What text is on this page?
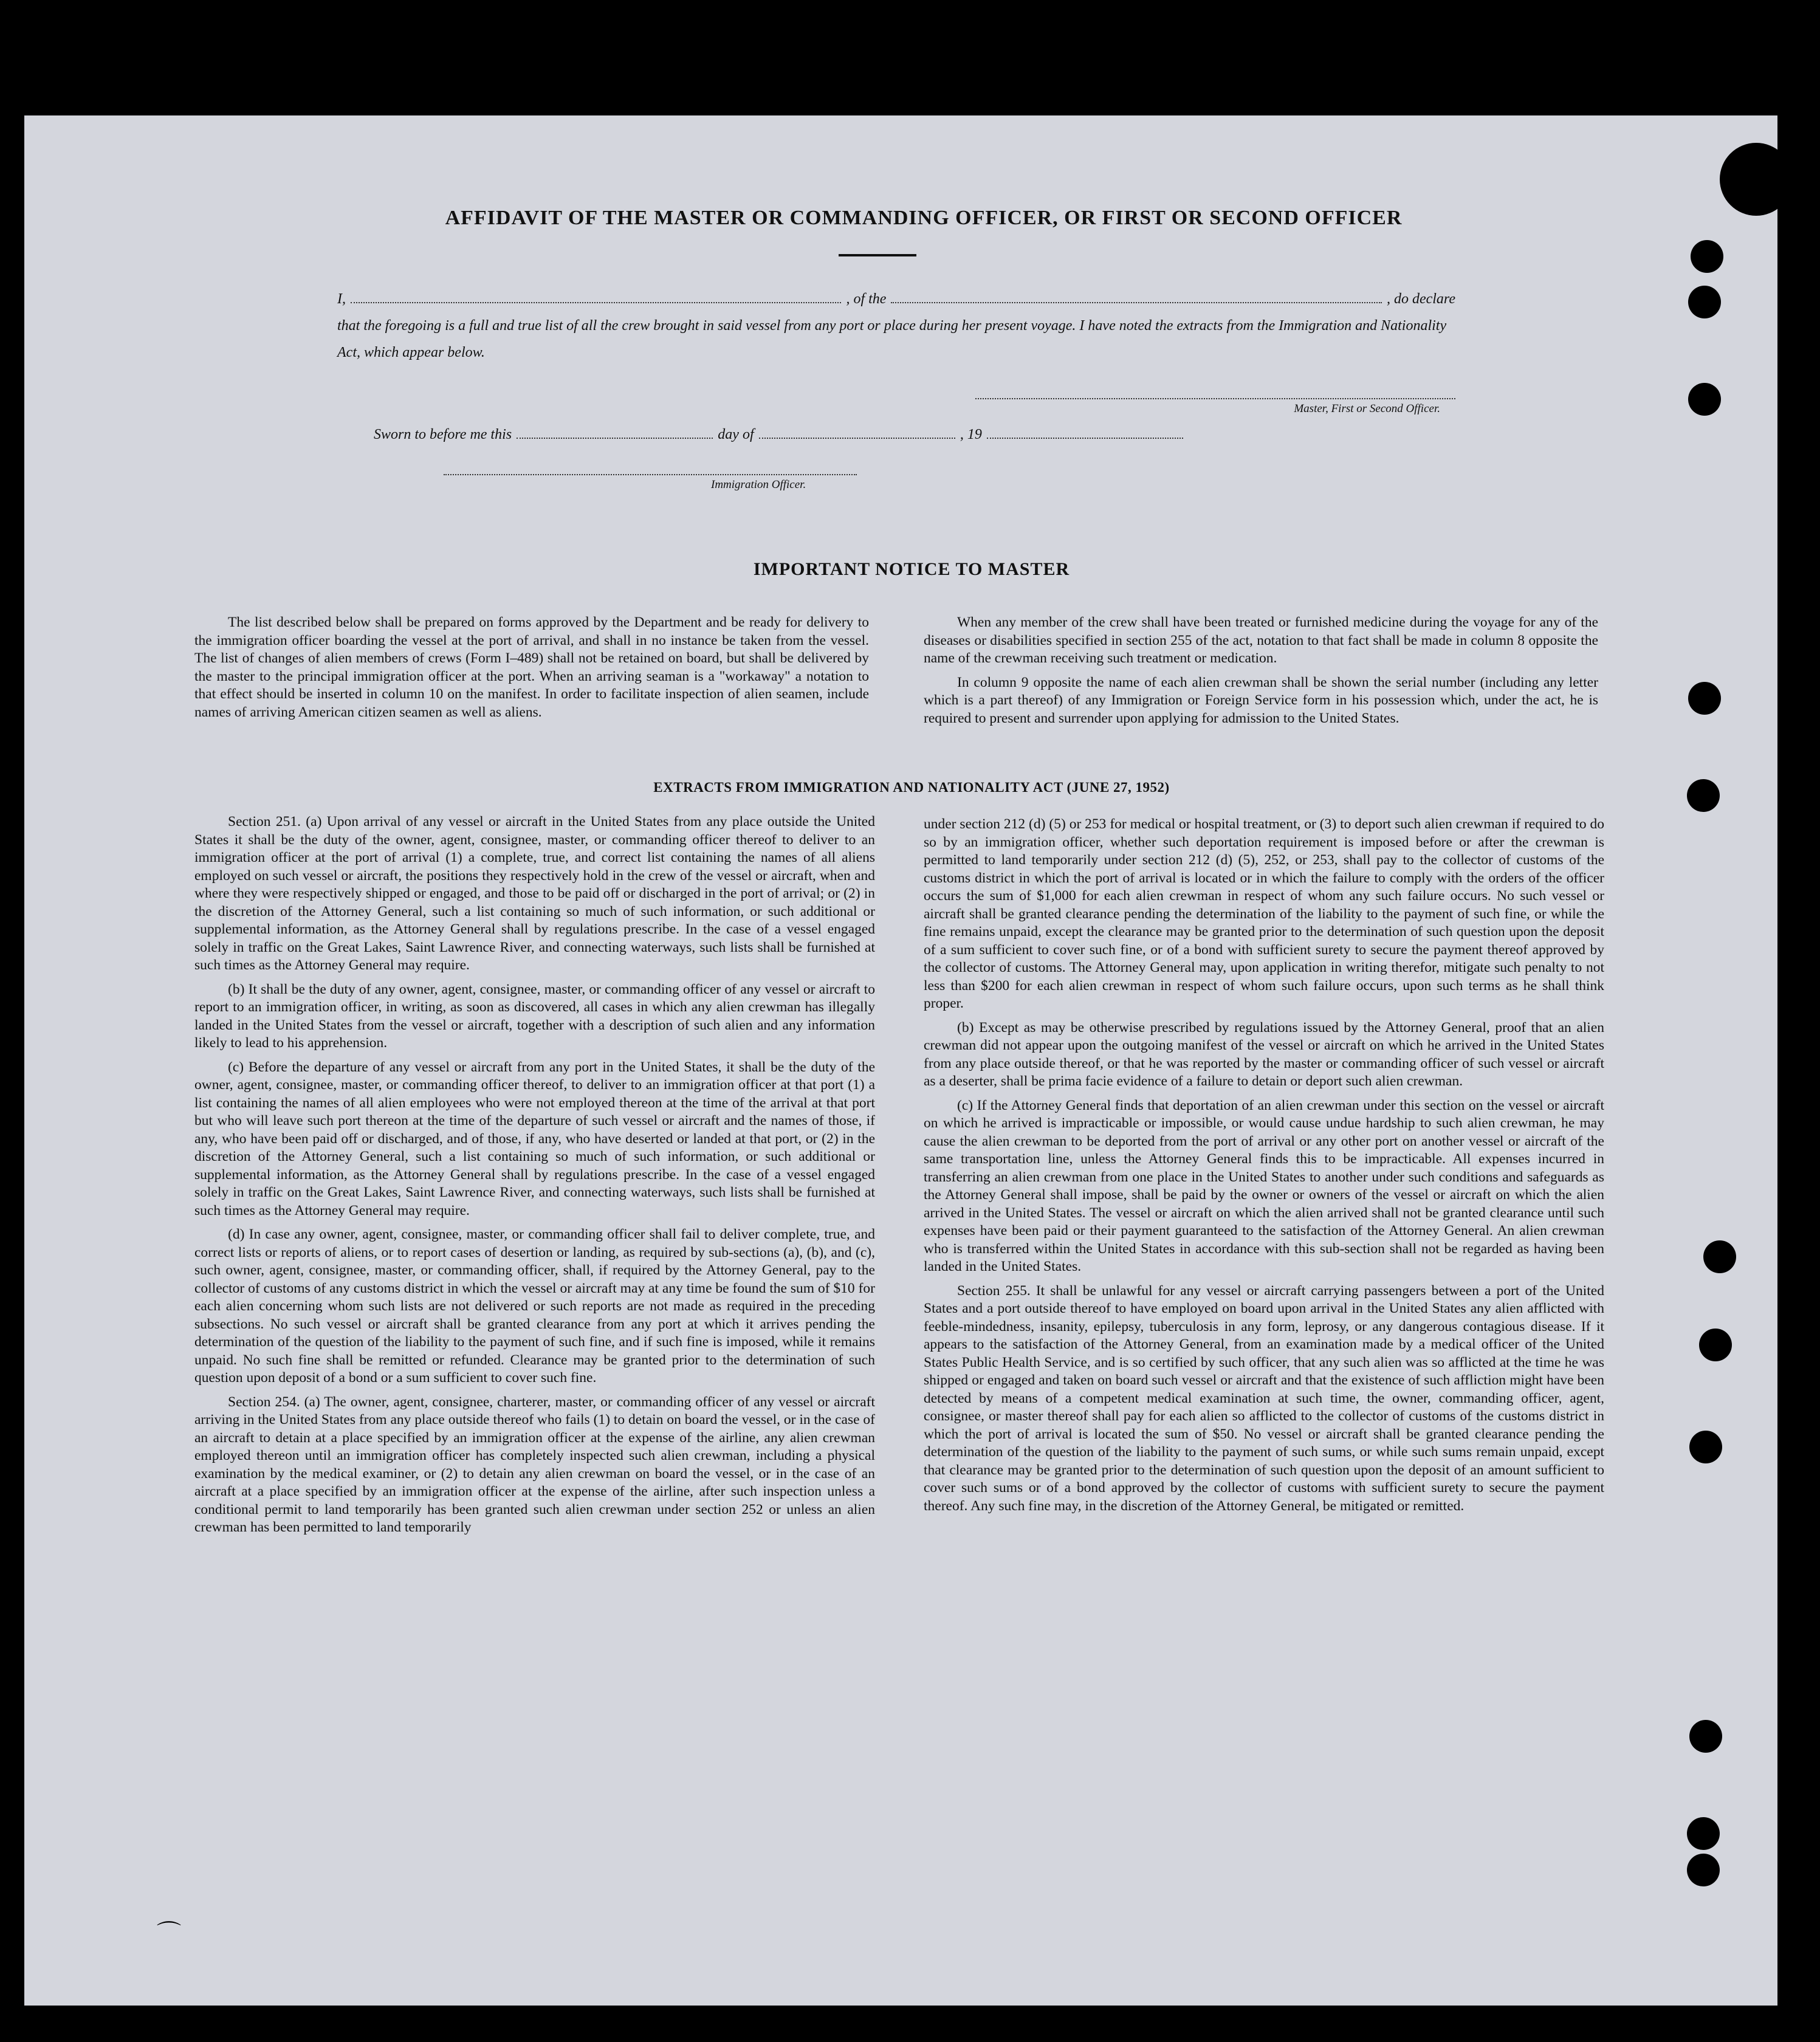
⌒
AFFIDAVIT OF THE MASTER OR COMMANDING OFFICER, OR FIRST OR SECOND OFFICER
I,	, of the	, do declare
that the foregoing is a full and true list of all the crew brought in said vessel from any port or place during her present voyage. I have noted the extracts from the Immigration and Nationality Act, which appear below.
Master, First or Second Officer.
Sworn to before me this	day of	, 19
Immigration Officer.
IMPORTANT NOTICE TO MASTER

The list described below shall be prepared on forms approved by the Department and be ready for delivery to the immigration officer boarding the vessel at the port of arrival, and shall in no instance be taken from the vessel. The list of changes of alien members of crews (Form I–489) shall not be retained on board, but shall be delivered by the master to the principal immigration officer at the port. When an arriving seaman is a "workaway" a notation to that effect should be inserted in column 10 on the manifest. In order to facilitate inspection of alien seamen, include names of arriving American citizen seamen as well as aliens.

When any member of the crew shall have been treated or furnished medicine during the voyage for any of the diseases or disabilities specified in section 255 of the act, notation to that fact shall be made in column 8 opposite the name of the crewman receiving such treatment or medication.

In column 9 opposite the name of each alien crewman shall be shown the serial number (including any letter which is a part thereof) of any Immigration or Foreign Service form in his possession which, under the act, he is required to present and surrender upon applying for admission to the United States.

EXTRACTS FROM IMMIGRATION AND NATIONALITY ACT (JUNE 27, 1952)

Section 251. (a) Upon arrival of any vessel or aircraft in the United States from any place outside the United States it shall be the duty of the owner, agent, consignee, master, or commanding officer thereof to deliver to an immigration officer at the port of arrival (1) a complete, true, and correct list containing the names of all aliens employed on such vessel or aircraft, the positions they respectively hold in the crew of the vessel or aircraft, when and where they were respectively shipped or engaged, and those to be paid off or discharged in the port of arrival; or (2) in the discretion of the Attorney General, such a list containing so much of such information, or such additional or supplemental information, as the Attorney General shall by regulations prescribe. In the case of a vessel engaged solely in traffic on the Great Lakes, Saint Lawrence River, and connecting waterways, such lists shall be furnished at such times as the Attorney General may require.

(b) It shall be the duty of any owner, agent, consignee, master, or commanding officer of any vessel or aircraft to report to an immigration officer, in writing, as soon as discovered, all cases in which any alien crewman has illegally landed in the United States from the vessel or aircraft, together with a description of such alien and any information likely to lead to his apprehension.

(c) Before the departure of any vessel or aircraft from any port in the United States, it shall be the duty of the owner, agent, consignee, master, or commanding officer thereof, to deliver to an immigration officer at that port (1) a list containing the names of all alien employees who were not employed thereon at the time of the arrival at that port but who will leave such port thereon at the time of the departure of such vessel or aircraft and the names of those, if any, who have been paid off or discharged, and of those, if any, who have deserted or landed at that port, or (2) in the discretion of the Attorney General, such a list containing so much of such information, or such additional or supplemental information, as the Attorney General shall by regulations prescribe. In the case of a vessel engaged solely in traffic on the Great Lakes, Saint Lawrence River, and connecting waterways, such lists shall be furnished at such times as the Attorney General may require.

(d) In case any owner, agent, consignee, master, or commanding officer shall fail to deliver complete, true, and correct lists or reports of aliens, or to report cases of desertion or landing, as required by sub-sections (a), (b), and (c), such owner, agent, consignee, master, or commanding officer, shall, if required by the Attorney General, pay to the collector of customs of any customs district in which the vessel or aircraft may at any time be found the sum of $10 for each alien concerning whom such lists are not delivered or such reports are not made as required in the preceding subsections. No such vessel or aircraft shall be granted clearance from any port at which it arrives pending the determination of the question of the liability to the payment of such fine, and if such fine is imposed, while it remains unpaid. No such fine shall be remitted or refunded. Clearance may be granted prior to the determination of such question upon deposit of a bond or a sum sufficient to cover such fine.

Section 254. (a) The owner, agent, consignee, charterer, master, or commanding officer of any vessel or aircraft arriving in the United States from any place outside thereof who fails (1) to detain on board the vessel, or in the case of an aircraft to detain at a place specified by an immigration officer at the expense of the airline, any alien crewman employed thereon until an immigration officer has completely inspected such alien crewman, including a physical examination by the medical examiner, or (2) to detain any alien crewman on board the vessel, or in the case of an aircraft at a place specified by an immigration officer at the expense of the airline, after such inspection unless a conditional permit to land temporarily has been granted such alien crewman under section 252 or unless an alien crewman has been permitted to land temporarily

under section 212 (d) (5) or 253 for medical or hospital treatment, or (3) to deport such alien crewman if required to do so by an immigration officer, whether such deportation requirement is imposed before or after the crewman is permitted to land temporarily under section 212 (d) (5), 252, or 253, shall pay to the collector of customs of the customs district in which the port of arrival is located or in which the failure to comply with the orders of the officer occurs the sum of $1,000 for each alien crewman in respect of whom any such failure occurs. No such vessel or aircraft shall be granted clearance pending the determination of the liability to the payment of such fine, or while the fine remains unpaid, except the clearance may be granted prior to the determination of such question upon the deposit of a sum sufficient to cover such fine, or of a bond with sufficient surety to secure the payment thereof approved by the collector of customs. The Attorney General may, upon application in writing therefor, mitigate such penalty to not less than $200 for each alien crewman in respect of whom such failure occurs, upon such terms as he shall think proper.

(b) Except as may be otherwise prescribed by regulations issued by the Attorney General, proof that an alien crewman did not appear upon the outgoing manifest of the vessel or aircraft on which he arrived in the United States from any place outside thereof, or that he was reported by the master or commanding officer of such vessel or aircraft as a deserter, shall be prima facie evidence of a failure to detain or deport such alien crewman.

(c) If the Attorney General finds that deportation of an alien crewman under this section on the vessel or aircraft on which he arrived is impracticable or impossible, or would cause undue hardship to such alien crewman, he may cause the alien crewman to be deported from the port of arrival or any other port on another vessel or aircraft of the same transportation line, unless the Attorney General finds this to be impracticable. All expenses incurred in transferring an alien crewman from one place in the United States to another under such conditions and safeguards as the Attorney General shall impose, shall be paid by the owner or owners of the vessel or aircraft on which the alien arrived in the United States. The vessel or aircraft on which the alien arrived shall not be granted clearance until such expenses have been paid or their payment guaranteed to the satisfaction of the Attorney General. An alien crewman who is transferred within the United States in accordance with this sub-section shall not be regarded as having been landed in the United States.

Section 255. It shall be unlawful for any vessel or aircraft carrying passengers between a port of the United States and a port outside thereof to have employed on board upon arrival in the United States any alien afflicted with feeble-mindedness, insanity, epilepsy, tuberculosis in any form, leprosy, or any dangerous contagious disease. If it appears to the satisfaction of the Attorney General, from an examination made by a medical officer of the United States Public Health Service, and is so certified by such officer, that any such alien was so afflicted at the time he was shipped or engaged and taken on board such vessel or aircraft and that the existence of such affliction might have been detected by means of a competent medical examination at such time, the owner, commanding officer, agent, consignee, or master thereof shall pay for each alien so afflicted to the collector of customs of the customs district in which the port of arrival is located the sum of $50. No vessel or aircraft shall be granted clearance pending the determination of the question of the liability to the payment of such sums, or while such sums remain unpaid, except that clearance may be granted prior to the determination of such question upon the deposit of an amount sufficient to cover such sums or of a bond approved by the collector of customs with sufficient surety to secure the payment thereof. Any such fine may, in the discretion of the Attorney General, be mitigated or remitted.
